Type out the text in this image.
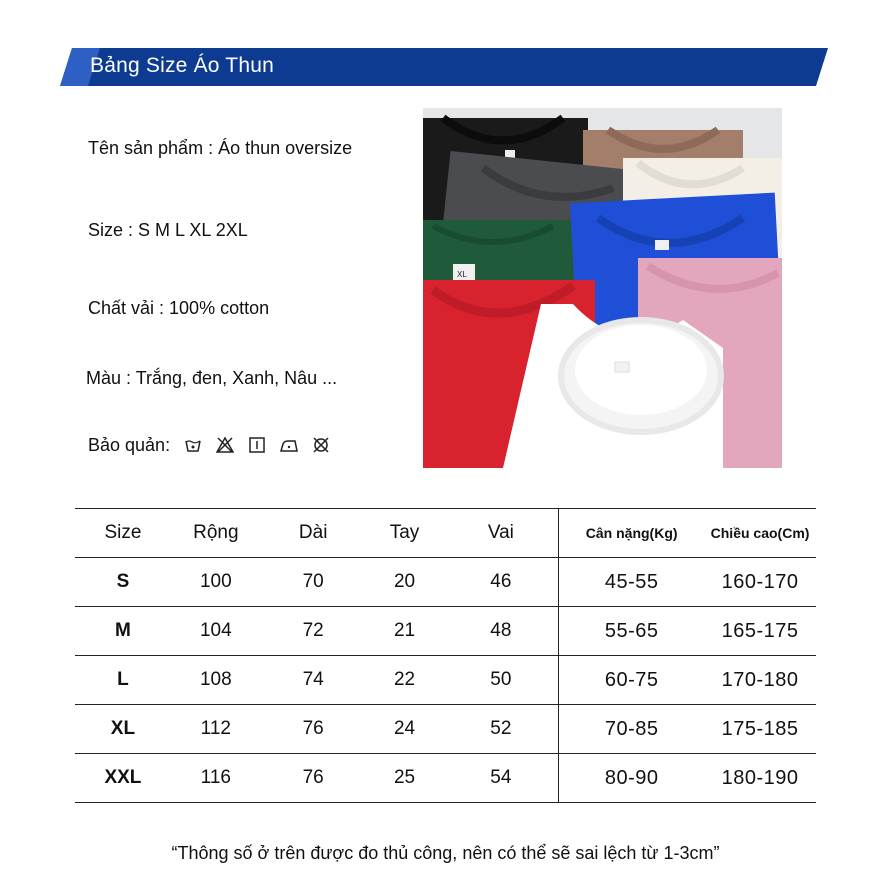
Bảng Size Áo Thun
Tên sản phẩm : Áo thun oversize
Size : S M L XL 2XL
Chất vải : 100% cotton
Màu : Trắng, đen, Xanh, Nâu ...
Bảo quản:
XL
Size	Rộng	Dài	Tay	Vai	Cân nặng(Kg)	Chiều cao(Cm)
S	100	70	20	46	45-55	160-170
M	104	72	21	48	55-65	165-175
L	108	74	22	50	60-75	170-180
XL	112	76	24	52	70-85	175-185
XXL	116	76	25	54	80-90	180-190
“Thông số ở trên được đo thủ công, nên có thể sẽ sai lệch từ 1-3cm”
